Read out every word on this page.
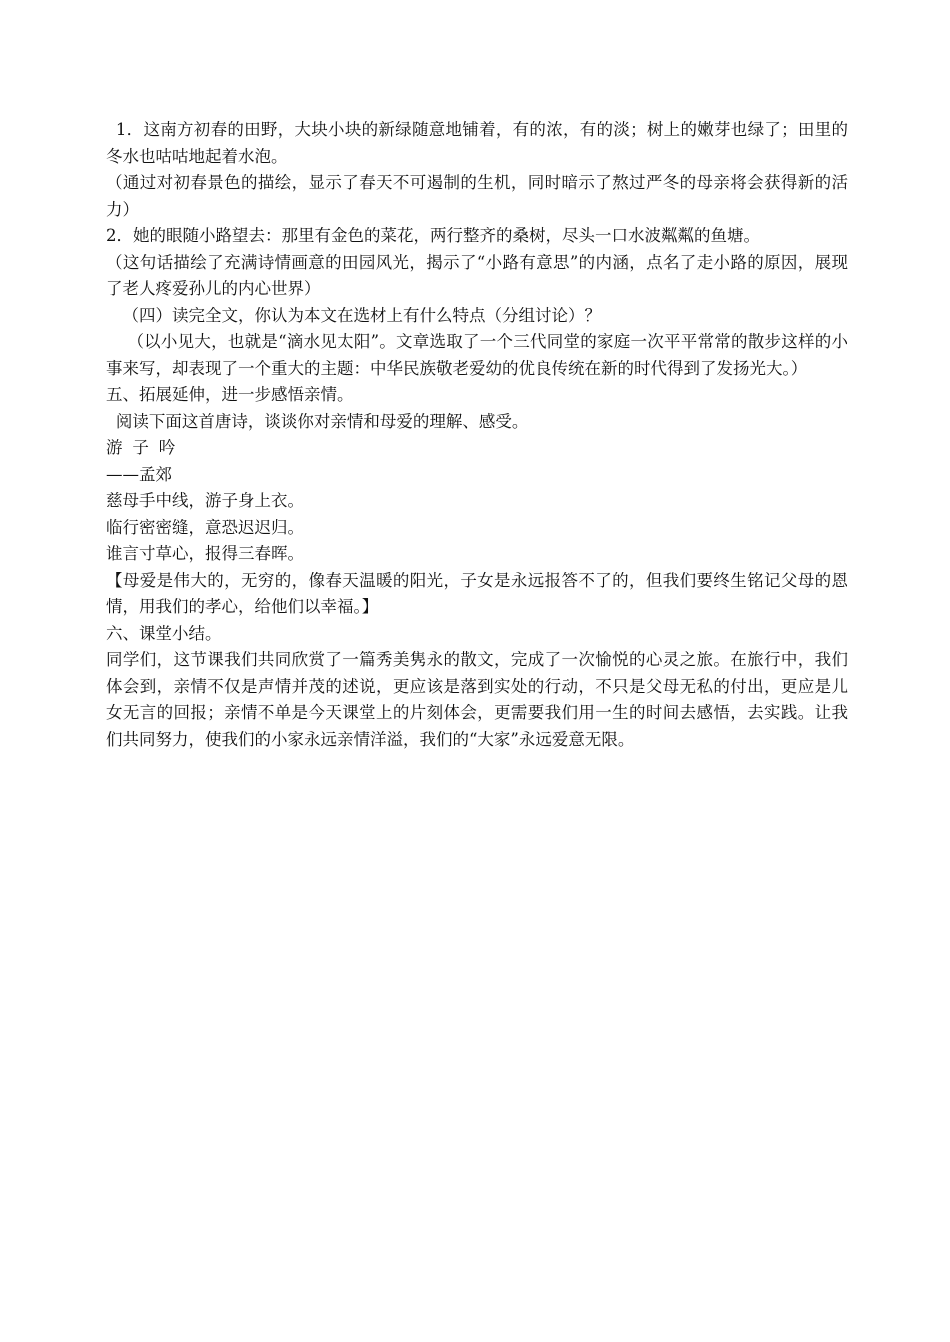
1．这南方初春的田野，大块小块的新绿随意地铺着，有的浓，有的淡；树上的嫩芽也绿了；田里的冬水也咕咕地起着水泡。

（通过对初春景色的描绘，显示了春天不可遏制的生机，同时暗示了熬过严冬的母亲将会获得新的活力）

2．她的眼随小路望去：那里有金色的菜花，两行整齐的桑树，尽头一口水波粼粼的鱼塘。

（这句话描绘了充满诗情画意的田园风光，揭示了“小路有意思”的内涵，点名了走小路的原因，展现了老人疼爱孙儿的内心世界）

（四）读完全文，你认为本文在选材上有什么特点（分组讨论）？

（以小见大，也就是“滴水见太阳”。文章选取了一个三代同堂的家庭一次平平常常的散步这样的小事来写，却表现了一个重大的主题：中华民族敬老爱幼的优良传统在新的时代得到了发扬光大。）

五、拓展延伸，进一步感悟亲情。

阅读下面这首唐诗，谈谈你对亲情和母爱的理解、感受。

游子吟

——孟郊

慈母手中线，游子身上衣。

临行密密缝，意恐迟迟归。

谁言寸草心，报得三春晖。

【母爱是伟大的，无穷的，像春天温暖的阳光，子女是永远报答不了的，但我们要终生铭记父母的恩情，用我们的孝心，给他们以幸福。】

六、课堂小结。

同学们，这节课我们共同欣赏了一篇秀美隽永的散文，完成了一次愉悦的心灵之旅。在旅行中，我们体会到，亲情不仅是声情并茂的述说，更应该是落到实处的行动，不只是父母无私的付出，更应是儿女无言的回报；亲情不单是今天课堂上的片刻体会，更需要我们用一生的时间去感悟，去实践。让我们共同努力，使我们的小家永远亲情洋溢，我们的“大家”永远爱意无限。
